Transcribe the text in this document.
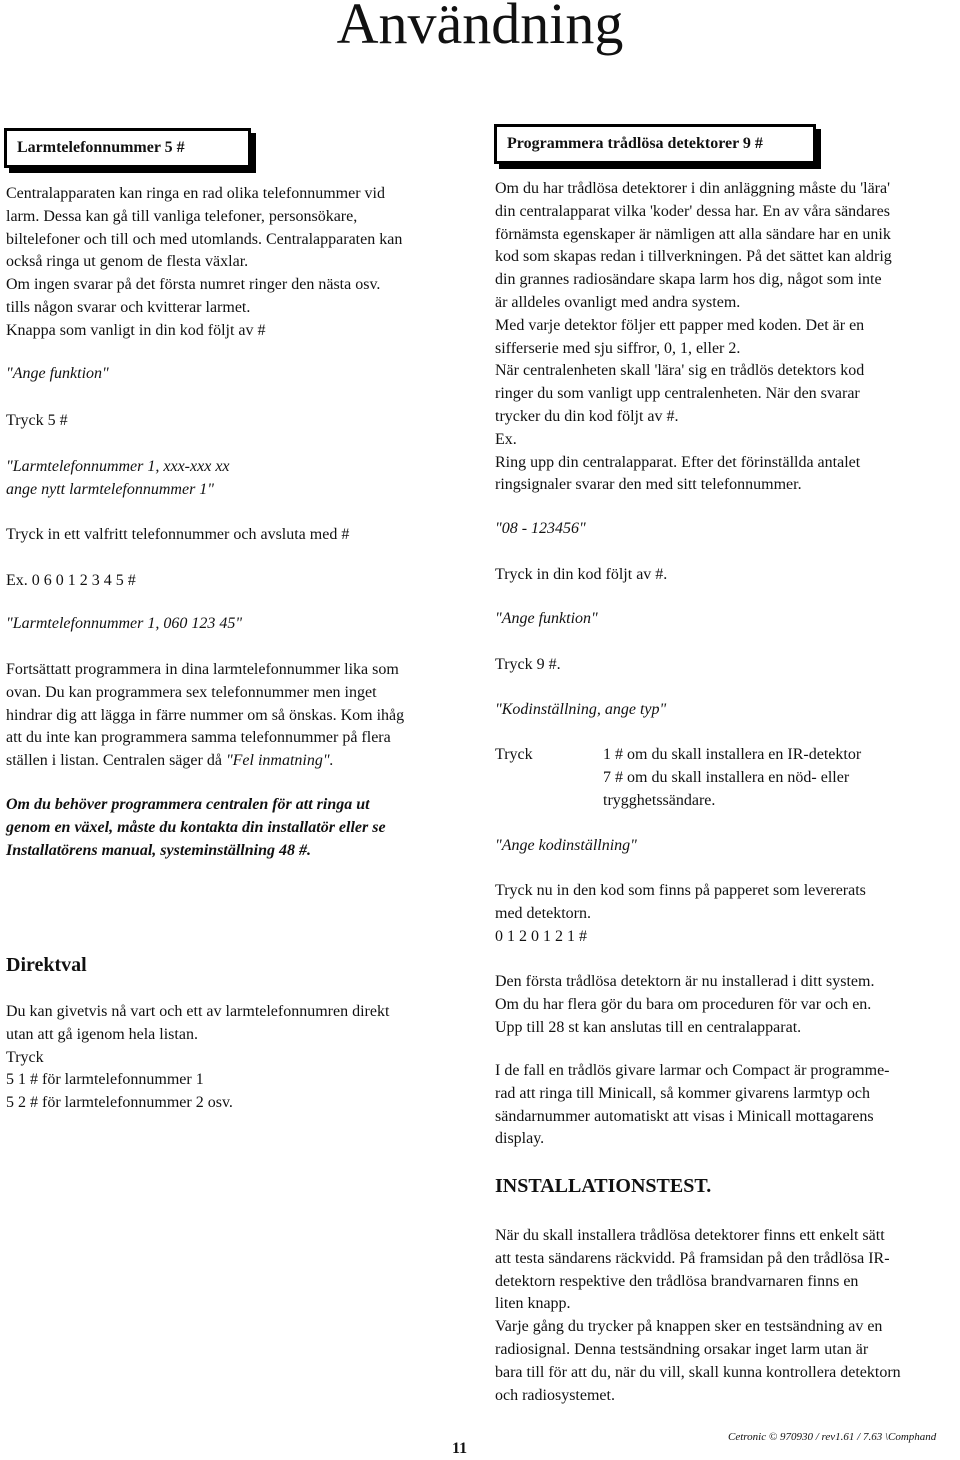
Användning
Larmtelefonnummer 5 #

Centralapparaten kan ringa en rad olika telefonnummer vid

larm. Dessa kan gå till vanliga telefoner, personsökare,

biltelefoner och till och med utomlands. Centralapparaten kan

också ringa ut genom de flesta växlar.

Om ingen svarar på det första numret ringer den nästa osv.

tills någon svarar och kvitterar larmet.

Knappa som vanligt in din kod följt av #

"Ange funktion"
Tryck 5 #

"Larmtelefonnummer 1, xxx-xxx xx

ange nytt larmtelefonnummer 1"

Tryck in ett valfritt telefonnummer och avsluta med #
Ex. 0 6 0 1 2 3 4 5 #
"Larmtelefonnummer 1, 060 123 45"

Fortsättatt programmera in dina larmtelefonnummer lika som

ovan. Du kan programmera sex telefonnummer men inget

hindrar dig att lägga in färre nummer om så önskas. Kom ihåg

att du inte kan programmera samma telefonnummer på flera

ställen i listan. Centralen säger då "Fel inmatning".

Om du behöver programmera centralen för att ringa ut

genom en växel, måste du kontakta din installatör eller se

Installatörens manual, systeminställning 48 #.

Direktval

Du kan givetvis nå vart och ett av larmtelefonnumren direkt

utan att gå igenom hela listan.

Tryck

5 1 # för larmtelefonnummer 1

5 2 # för larmtelefonnummer 2 osv.

Programmera trådlösa detektorer 9 #

Om du har trådlösa detektorer i din anläggning måste du 'lära'

din centralapparat vilka 'koder' dessa har. En av våra sändares

förnämsta egenskaper är nämligen att alla sändare har en unik

kod som skapas redan i tillverkningen. På det sättet kan aldrig

din grannes radiosändare skapa larm hos dig, något som inte

är alldeles ovanligt med andra system.

Med varje detektor följer ett papper med koden. Det är en

sifferserie med sju siffror, 0, 1, eller 2.

När centralenheten skall 'lära' sig en trådlös detektors kod

ringer du som vanligt upp centralenheten. När den svarar

trycker du din kod följt av #.

Ex.

Ring upp din centralapparat. Efter det förinställda antalet

ringsignaler svarar den med sitt telefonnummer.

"08 - 123456"
Tryck in din kod följt av #.
"Ange funktion"
Tryck 9 #.
"Kodinställning, ange typ"
Tryck	1 # om du skall installera en IR-detektor

7 # om du skall installera en nöd- eller

trygghetssändare.

"Ange kodinställning"

Tryck nu in den kod som finns på papperet som levererats

med detektorn.

0 1 2 0 1 2 1 #

Den första trådlösa detektorn är nu installerad i ditt system.

Om du har flera gör du bara om proceduren för var och en.

Upp till 28 st kan anslutas till en centralapparat.

I de fall en trådlös givare larmar och Compact är programme-

rad att ringa till Minicall, så kommer givarens larmtyp och

sändarnummer automatiskt att visas i Minicall mottagarens

display.

INSTALLATIONSTEST.

När du skall installera trådlösa detektorer finns ett enkelt sätt

att testa sändarens räckvidd. På framsidan på den trådlösa IR-

detektorn respektive den trådlösa brandvarnaren finns en

liten knapp.

Varje gång du trycker på knappen sker en testsändning av en

radiosignal. Denna testsändning orsakar inget larm utan är

bara till för att du, när du vill, skall kunna kontrollera detektorn

och radiosystemet.

11
Cetronic © 970930 / rev1.61 / 7.63 \Comphand
